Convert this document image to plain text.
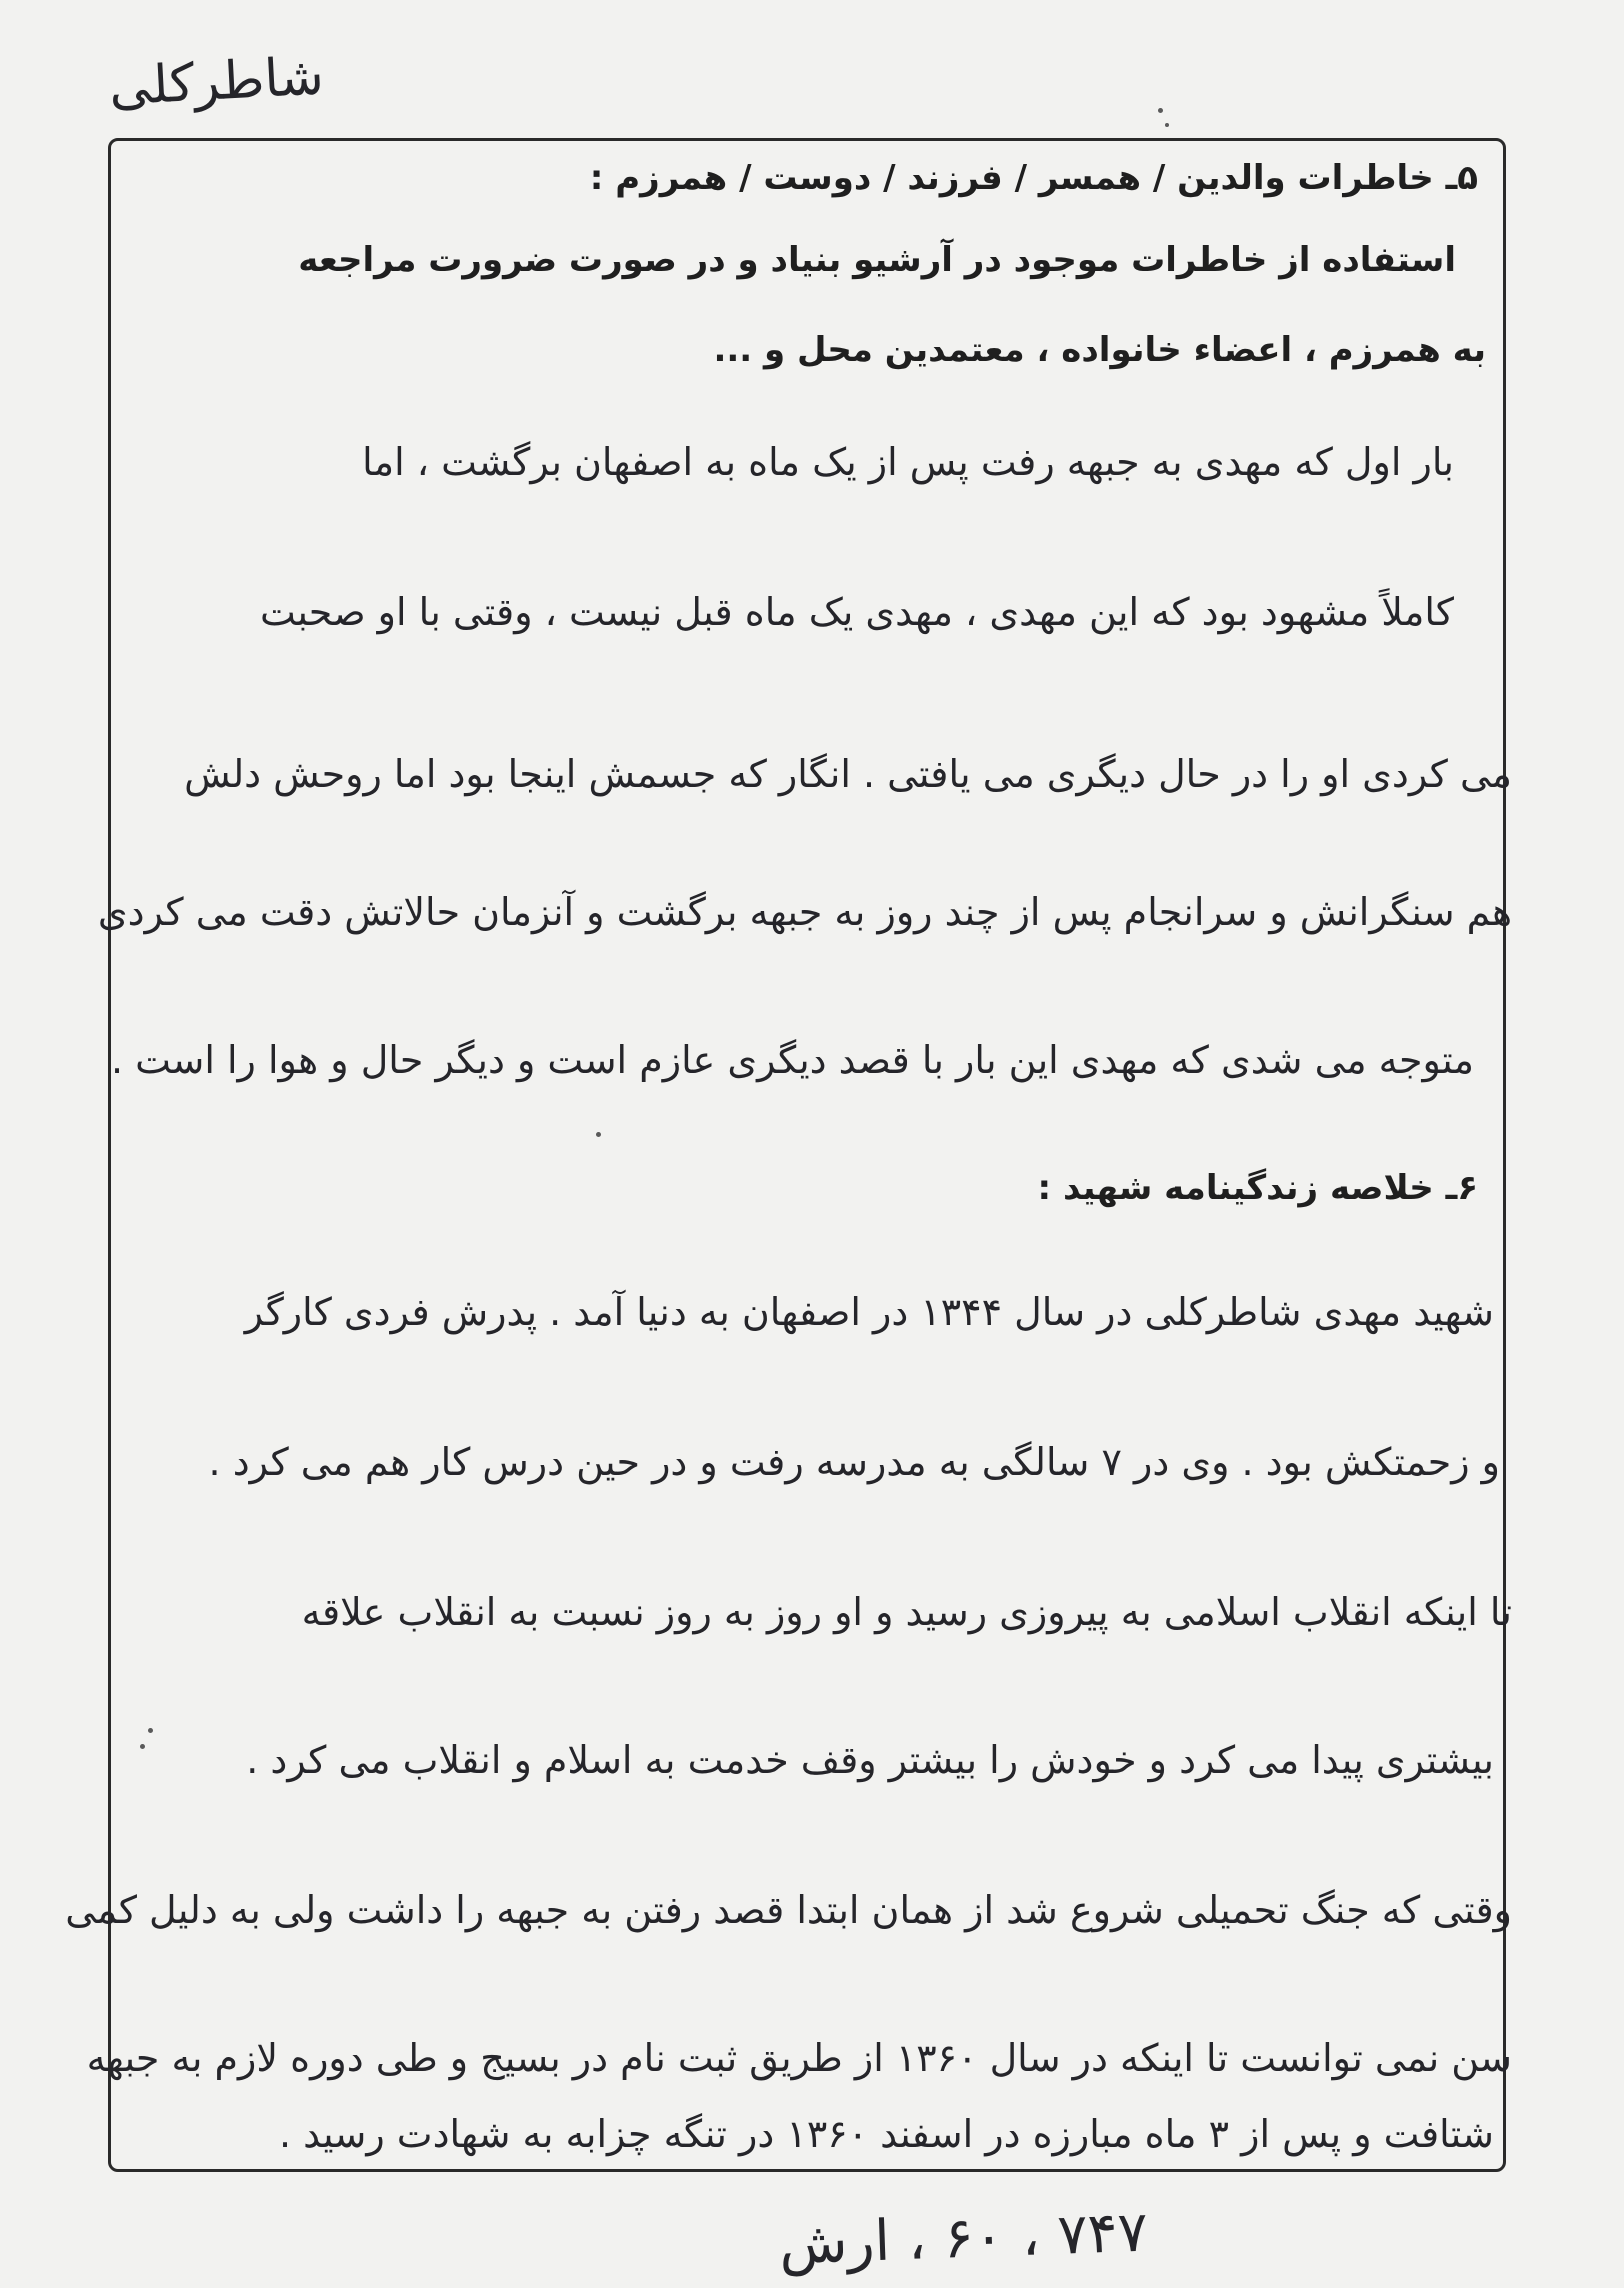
شاطرکلی
۵ـ خاطرات والدین / همسر / فرزند / دوست / همرزم :
استفاده از خاطرات موجود در آرشیو بنیاد و در صورت ضرورت مراجعه
به همرزم ، اعضاء خانواده ، معتمدین محل و ...
بار اول که مهدی به جبهه رفت پس از یک ماه به اصفهان برگشت ، اما
کاملاً مشهود بود که این مهدی ، مهدی یک ماه قبل نیست ، وقتی با او صحبت
می کردی او را در حال دیگری می یافتی . انگار که جسمش اینجا بود اما روحش دلش
هم سنگرانش و سرانجام پس از چند روز به جبهه برگشت و آنزمان حالاتش دقت می کردی
متوجه می شدی که مهدی این بار با قصد دیگری عازم است و دیگر حال و هوا را است .
۶ـ خلاصه زندگینامه شهید :
شهید مهدی شاطرکلی در سال ۱۳۴۴ در اصفهان به دنیا آمد . پدرش فردی کارگر
و زحمتکش بود . وی در ۷ سالگی به مدرسه رفت و در حین درس کار هم می کرد .
تا اینکه انقلاب اسلامی به پیروزی رسید و او روز به روز نسبت به انقلاب علاقه
بیشتری پیدا می کرد و خودش را بیشتر وقف خدمت به اسلام و انقلاب می کرد .
وقتی که جنگ تحمیلی شروع شد از همان ابتدا قصد رفتن به جبهه را داشت ولی به دلیل کمی
سن نمی توانست تا اینکه در سال ۱۳۶۰ از طریق ثبت نام در بسیج و طی دوره لازم به جبهه
شتافت و پس از ۳ ماه مبارزه در اسفند ۱۳۶۰ در تنگه چزابه به شهادت رسید .
۷۴۷ ، ۶۰ ، ارش
